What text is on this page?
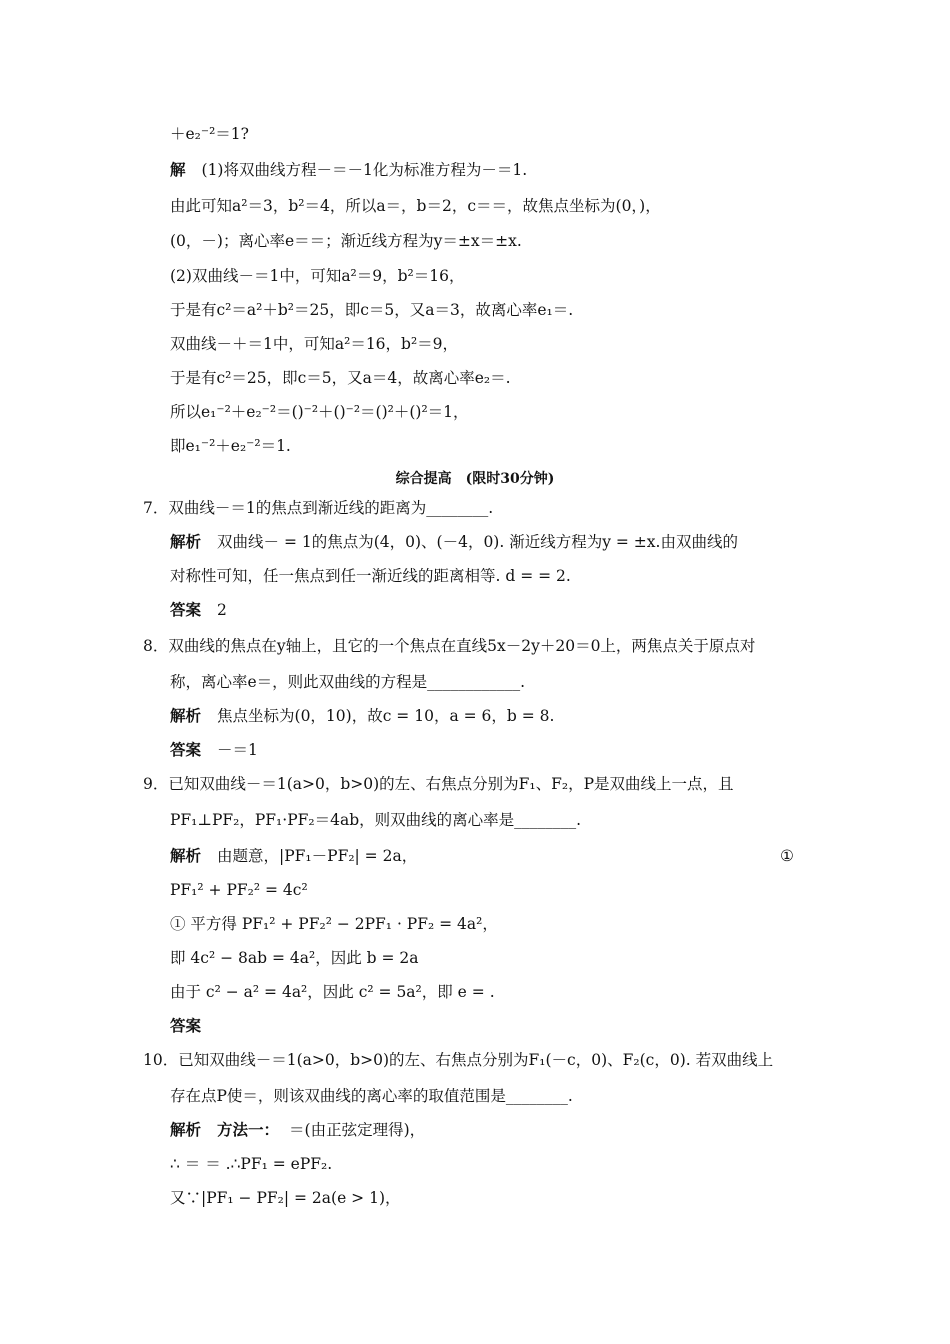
＋e₂⁻²＝1?
解 (1)将双曲线方程－＝－1化为标准方程为－＝1.
由此可知a²＝3，b²＝4，所以a＝，b＝2，c＝＝，故焦点坐标为(0，)，
(0，－)；离心率e＝＝；渐近线方程为y＝±x＝±x.
(2)双曲线－＝1中，可知a²＝9，b²＝16，
于是有c²＝a²＋b²＝25，即c＝5，又a＝3，故离心率e₁＝.
双曲线－＋＝1中，可知a²＝16，b²＝9，
于是有c²＝25，即c＝5，又a＝4，故离心率e₂＝.
所以e₁⁻²＋e₂⁻²＝()⁻²＋()⁻²＝()²＋()²＝1，
即e₁⁻²＋e₂⁻²＝1.
综合提高　(限时30分钟)
7．双曲线－＝1的焦点到渐近线的距离为________.
解析 双曲线－ = 1的焦点为(4，0)、(－4，0). 渐近线方程为y = ±x.由双曲线的
对称性可知，任一焦点到任一渐近线的距离相等. d = = 2.
答案 2
8．双曲线的焦点在y轴上，且它的一个焦点在直线5x－2y＋20＝0上，两焦点关于原点对
称，离心率e＝，则此双曲线的方程是____________.
解析 焦点坐标为(0，10)，故c = 10，a = 6，b = 8.
答案 －＝1
9．已知双曲线－＝1(a>0，b>0)的左、右焦点分别为F₁、F₂，P是双曲线上一点，且
PF₁⊥PF₂，PF₁·PF₂＝4ab，则双曲线的离心率是________.
解析 由题意，|PF₁－PF₂| = 2a，	①
PF₁² + PF₂² = 4c²
① 平方得 PF₁² + PF₂² − 2PF₁ · PF₂ = 4a²，
即 4c² − 8ab = 4a²，因此 b = 2a
由于 c² − a² = 4a²，因此 c² = 5a²，即 e = .
答案
10．已知双曲线－＝1(a>0，b>0)的左、右焦点分别为F₁(－c，0)、F₂(c，0). 若双曲线上
存在点P使＝，则该双曲线的离心率的取值范围是________.
解析 方法一： ＝(由正弦定理得)，
∴ ＝ ＝ .∴PF₁ = ePF₂.
又∵|PF₁ − PF₂| = 2a(e > 1)，
